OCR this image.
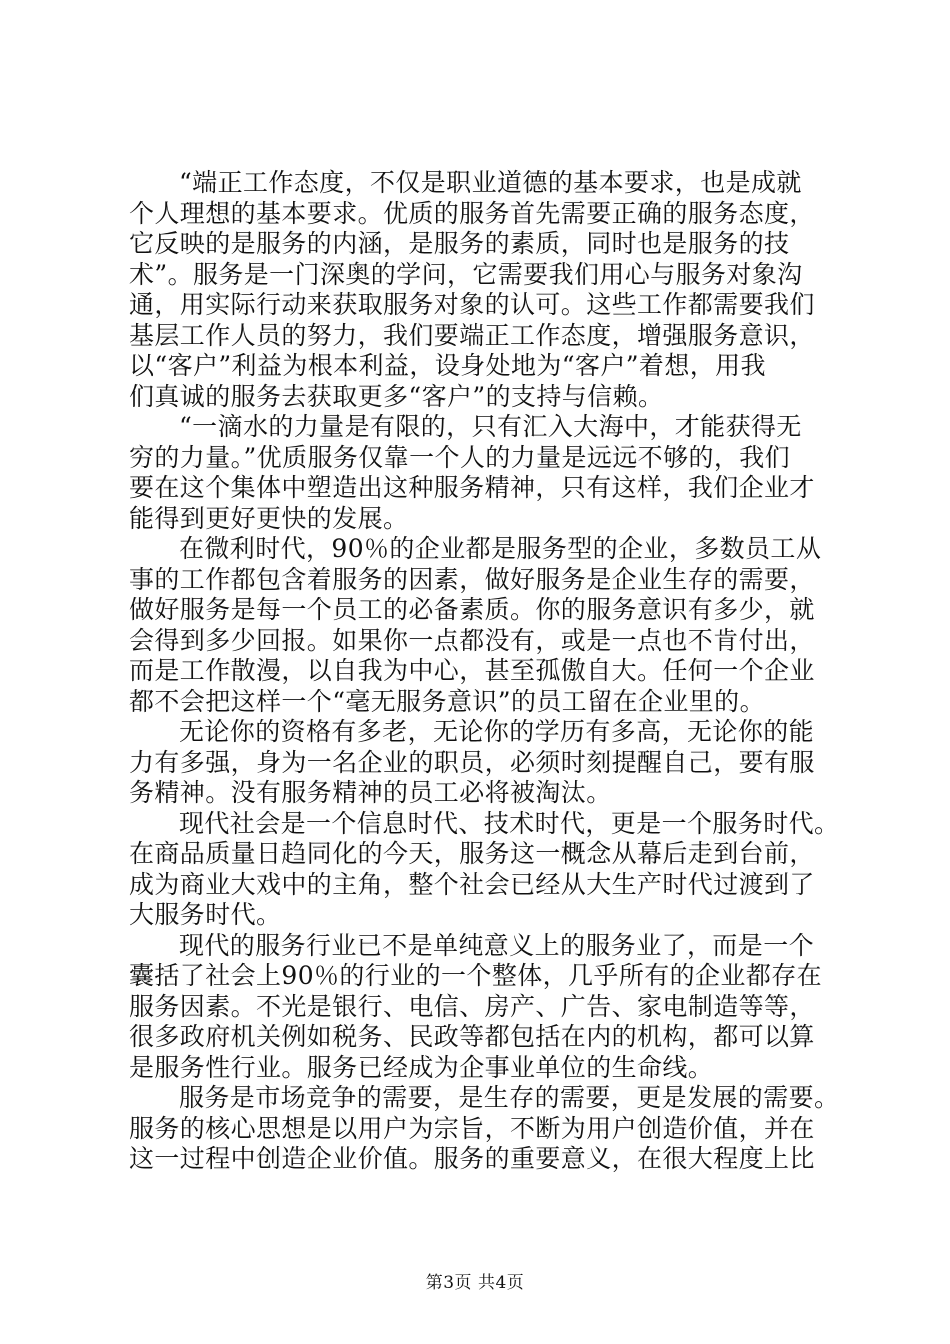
“端正工作态度，不仅是职业道德的基本要求，也是成就
个人理想的基本要求。优质的服务首先需要正确的服务态度，
它反映的是服务的内涵，是服务的素质，同时也是服务的技
术”。服务是一门深奥的学问，它需要我们用心与服务对象沟
通，用实际行动来获取服务对象的认可。这些工作都需要我们
基层工作人员的努力，我们要端正工作态度，增强服务意识，
以“客户”利益为根本利益，设身处地为“客户”着想，用我
们真诚的服务去获取更多“客户”的支持与信赖。
“一滴水的力量是有限的，只有汇入大海中，才能获得无
穷的力量。”优质服务仅靠一个人的力量是远远不够的，我们
要在这个集体中塑造出这种服务精神，只有这样，我们企业才
能得到更好更快的发展。
在微利时代，90％的企业都是服务型的企业，多数员工从
事的工作都包含着服务的因素，做好服务是企业生存的需要，
做好服务是每一个员工的必备素质。你的服务意识有多少，就
会得到多少回报。如果你一点都没有，或是一点也不肯付出，
而是工作散漫，以自我为中心，甚至孤傲自大。任何一个企业
都不会把这样一个“毫无服务意识”的员工留在企业里的。
无论你的资格有多老，无论你的学历有多高，无论你的能
力有多强，身为一名企业的职员，必须时刻提醒自己，要有服
务精神。没有服务精神的员工必将被淘汰。
现代社会是一个信息时代、技术时代，更是一个服务时代。
在商品质量日趋同化的今天，服务这一概念从幕后走到台前，
成为商业大戏中的主角，整个社会已经从大生产时代过渡到了
大服务时代。
现代的服务行业已不是单纯意义上的服务业了，而是一个
囊括了社会上90％的行业的一个整体，几乎所有的企业都存在
服务因素。不光是银行、电信、房产、广告、家电制造等等，
很多政府机关例如税务、民政等都包括在内的机构，都可以算
是服务性行业。服务已经成为企事业单位的生命线。
服务是市场竞争的需要，是生存的需要，更是发展的需要。
服务的核心思想是以用户为宗旨，不断为用户创造价值，并在
这一过程中创造企业价值。服务的重要意义，在很大程度上比
第3页 共4页
